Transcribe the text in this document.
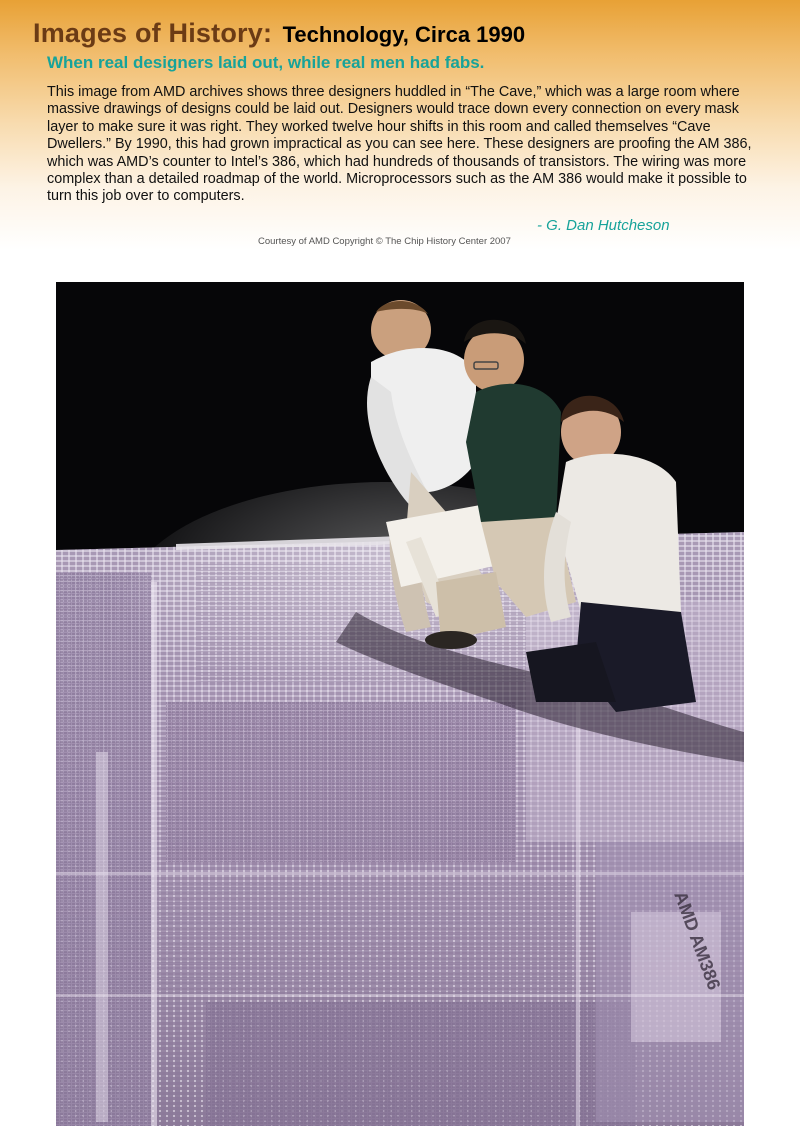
Images of History: Technology, Circa 1990
When real designers laid out, while real men had fabs.
This image from AMD archives shows three designers huddled in “The Cave,” which was a large room where massive drawings of designs could be laid out. Designers would trace down every connection on every mask layer to make sure it was right. They worked twelve hour shifts in this room and called themselves “Cave Dwellers.” By 1990, this had grown impractical as you can see here. These designers are proofing the AM 386, which was AMD’s counter to Intel’s 386, which had hundreds of thousands of transistors. The wiring was more complex than a detailed roadmap of the world. Microprocessors such as the AM 386 would make it possible to turn this job over to computers.
- G. Dan Hutcheson
Courtesy of AMD Copyright © The Chip History Center 2007
AMD AM386
